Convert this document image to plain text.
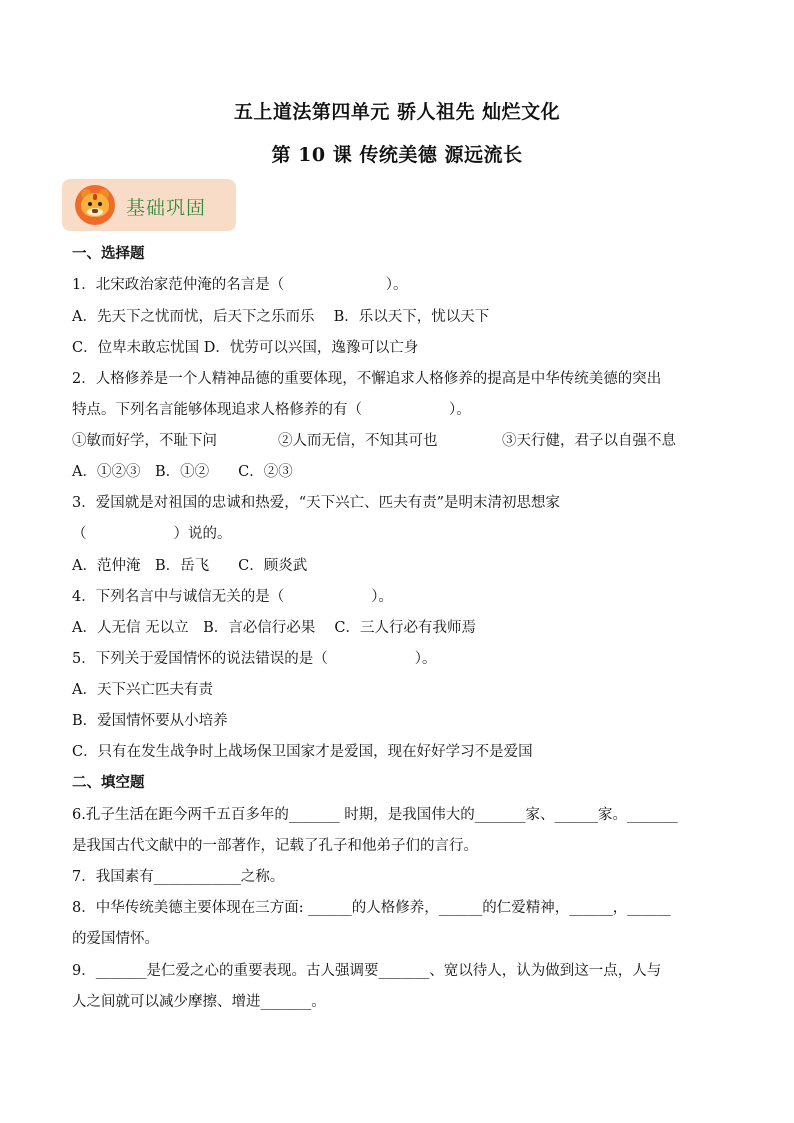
五上道法第四单元 骄人祖先 灿烂文化
第 10 课 传统美德 源远流长
基础巩固
一、选择题
1．北宋政治家范仲淹的名言是（　　　　　　　）。
A．先天下之忧而忧，后天下之乐而乐　 B．乐以天下，忧以天下
C．位卑未敢忘忧国 D．忧劳可以兴国，逸豫可以亡身
2．人格修养是一个人精神品德的重要体现，不懈追求人格修养的提高是中华传统美德的突出
特点。下列名言能够体现追求人格修养的有（　　　　　　）。
①敏而好学，不耻下问	②人而无信，不知其可也	③天行健，君子以自强不息
A．①②③　B．①②　　C．②③
3．爱国就是对祖国的忠诚和热爱，“天下兴亡、匹夫有责”是明末清初思想家
（　　　　　　）说的。
A．范仲淹　B．岳飞　　C．顾炎武
4．下列名言中与诚信无关的是（　　　　　　）。
A．人无信 无以立　B．言必信行必果　 C．三人行必有我师焉
5．下列关于爱国情怀的说法错误的是（　　　　　　）。
A．天下兴亡匹夫有责
B．爱国情怀要从小培养
C．只有在发生战争时上战场保卫国家才是爱国，现在好好学习不是爱国
二、填空题
6.孔子生活在距今两千五百多年的_______ 时期，是我国伟大的_______家、______家。_______
是我国古代文献中的一部著作，记载了孔子和他弟子们的言行。
7．我国素有____________之称。
8．中华传统美德主要体现在三方面: ______的人格修养，______的仁爱精神，______，______
的爱国情怀。
9．_______是仁爱之心的重要表现。古人强调要_______、宽以待人，认为做到这一点，人与
人之间就可以减少摩擦、增进_______。
